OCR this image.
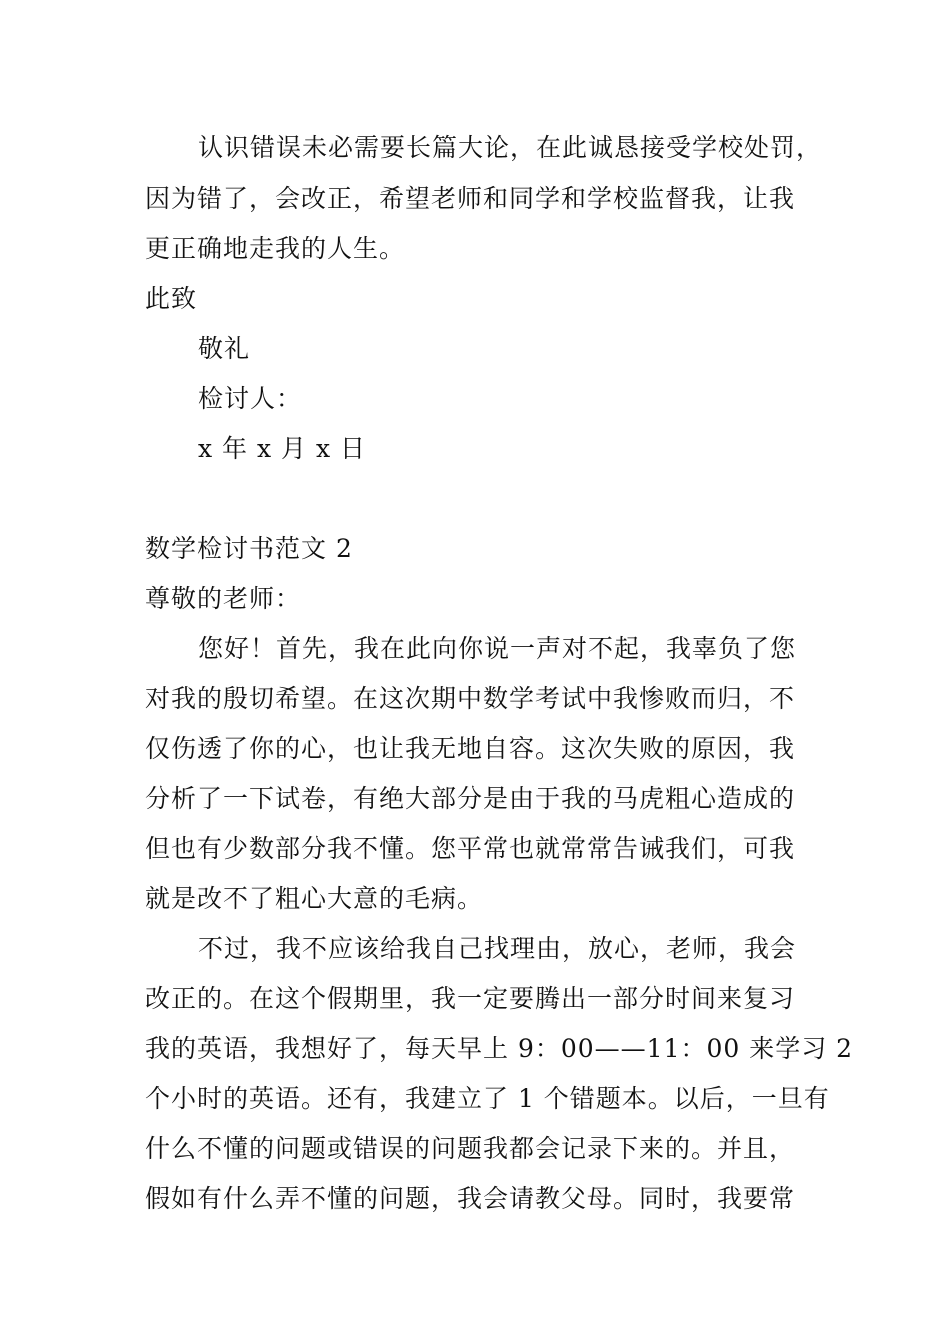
认识错误未必需要长篇大论，在此诚恳接受学校处罚，
因为错了，会改正，希望老师和同学和学校监督我，让我
更正确地走我的人生。
此致
敬礼
检讨人：
x 年 x 月 x 日
数学检讨书范文 2
尊敬的老师：
您好！首先，我在此向你说一声对不起，我辜负了您
对我的殷切希望。在这次期中数学考试中我惨败而归，不
仅伤透了你的心，也让我无地自容。这次失败的原因，我
分析了一下试卷，有绝大部分是由于我的马虎粗心造成的
但也有少数部分我不懂。您平常也就常常告诫我们，可我
就是改不了粗心大意的毛病。
不过，我不应该给我自己找理由，放心，老师，我会
改正的。在这个假期里，我一定要腾出一部分时间来复习
我的英语，我想好了，每天早上 9：00——11：00 来学习 2
个小时的英语。还有，我建立了 1 个错题本。以后，一旦有
什么不懂的问题或错误的问题我都会记录下来的。并且，
假如有什么弄不懂的问题，我会请教父母。同时，我要常
